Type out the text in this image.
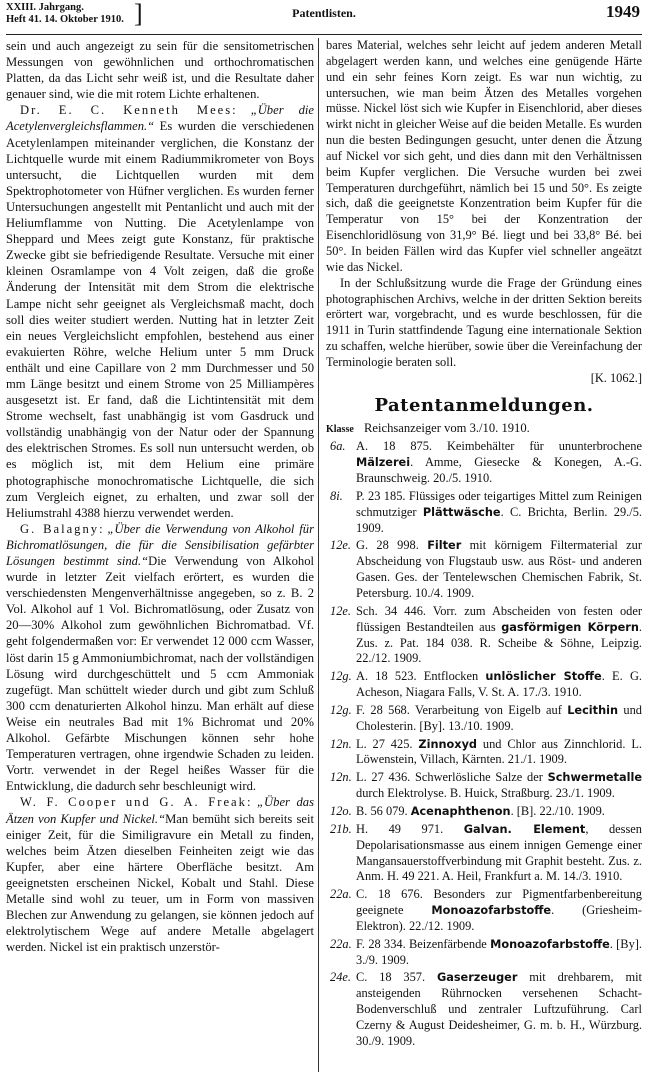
XXIII. Jahrgang.
Heft 41. 14. Oktober 1910. ]	Patentlisten.	1949

sein und auch angezeigt zu sein für die sensitometrischen Messungen von gewöhnlichen und orthochromatischen Platten, da das Licht sehr weiß ist, und die Resultate daher genauer sind, wie die mit rotem Lichte erhaltenen.

Dr. E. C. Kenneth Mees: „Über die Acetylenvergleichsflammen.“ Es wurden die verschiedenen Acetylenlampen miteinander verglichen, die Konstanz der Lichtquelle wurde mit einem Radiummikrometer von Boys untersucht, die Lichtquellen wurden mit dem Spektrophotometer von Hüfner verglichen. Es wurden ferner Untersuchungen angestellt mit Pentanlicht und auch mit der Heliumflamme von Nutting. Die Acetylenlampe von Sheppard und Mees zeigt gute Konstanz, für praktische Zwecke gibt sie befriedigende Resultate. Versuche mit einer kleinen Osramlampe von 4 Volt zeigen, daß die große Änderung der Intensität mit dem Strom die elektrische Lampe nicht sehr geeignet als Vergleichsmaß macht, doch soll dies weiter studiert werden. Nutting hat in letzter Zeit ein neues Vergleichslicht empfohlen, bestehend aus einer evakuierten Röhre, welche Helium unter 5 mm Druck enthält und eine Capillare von 2 mm Durchmesser und 50 mm Länge besitzt und einem Strome von 25 Milliampères ausgesetzt ist. Er fand, daß die Lichtintensität mit dem Strome wechselt, fast unabhängig ist vom Gasdruck und vollständig unabhängig von der Natur oder der Spannung des elektrischen Stromes. Es soll nun untersucht werden, ob es möglich ist, mit dem Helium eine primäre photographische monochromatische Lichtquelle, die sich zum Vergleich eignet, zu erhalten, und zwar soll der Heliumstrahl 4388 hierzu verwendet werden.

G. Balagny: „Über die Verwendung von Alkohol für Bichromatlösungen, die für die Sensibilisation gefärbter Lösungen bestimmt sind.“Die Verwendung von Alkohol wurde in letzter Zeit vielfach erörtert, es wurden die verschiedensten Mengenverhältnisse angegeben, so z. B. 2 Vol. Alkohol auf 1 Vol. Bichromatlösung, oder Zusatz von 20—30% Alkohol zum gewöhnlichen Bichromatbad. Vf. geht folgendermaßen vor: Er verwendet 12 000 ccm Wasser, löst darin 15 g Ammoniumbichromat, nach der vollständigen Lösung wird durchgeschüttelt und 5 ccm Ammoniak zugefügt. Man schüttelt wieder durch und gibt zum Schluß 300 ccm denaturierten Alkohol hinzu. Man erhält auf diese Weise ein neutrales Bad mit 1% Bichromat und 20% Alkohol. Gefärbte Mischungen können sehr hohe Temperaturen vertragen, ohne irgendwie Schaden zu leiden. Vortr. verwendet in der Regel heißes Wasser für die Entwicklung, die dadurch sehr beschleunigt wird.

W. F. Cooper und G. A. Freak: „Über das Ätzen von Kupfer und Nickel.“Man bemüht sich bereits seit einiger Zeit, für die Similigravure ein Metall zu finden, welches beim Ätzen dieselben Feinheiten zeigt wie das Kupfer, aber eine härtere Oberfläche besitzt. Am geeignetsten erscheinen Nickel, Kobalt und Stahl. Diese Metalle sind wohl zu teuer, um in Form von massiven Blechen zur Anwendung zu gelangen, sie können jedoch auf elektrolytischem Wege auf andere Metalle abgelagert werden. Nickel ist ein praktisch unzerstör-

bares Material, welches sehr leicht auf jedem anderen Metall abgelagert werden kann, und welches eine genügende Härte und ein sehr feines Korn zeigt. Es war nun wichtig, zu untersuchen, wie man beim Ätzen des Metalles vorgehen müsse. Nickel löst sich wie Kupfer in Eisenchlorid, aber dieses wirkt nicht in gleicher Weise auf die beiden Metalle. Es wurden nun die besten Bedingungen gesucht, unter denen die Ätzung auf Nickel vor sich geht, und dies dann mit den Verhältnissen beim Kupfer verglichen. Die Versuche wurden bei zwei Temperaturen durchgeführt, nämlich bei 15 und 50°. Es zeigte sich, daß die geeignetste Konzentration beim Kupfer für die Temperatur von 15° bei der Konzentration der Eisenchloridlösung von 31,9° Bé. liegt und bei 33,8° Bé. bei 50°. In beiden Fällen wird das Kupfer viel schneller angeätzt wie das Nickel.

In der Schlußsitzung wurde die Frage der Gründung eines photographischen Archivs, welche in der dritten Sektion bereits erörtert war, vorgebracht, und es wurde beschlossen, für die 1911 in Turin stattfindende Tagung eine internationale Sektion zu schaffen, welche hierüber, sowie über die Vereinfachung der Terminologie beraten soll.

[K. 1062.]

Patentanmeldungen.
Klasse Reichsanzeiger vom 3./10. 1910.
6a. A. 18 875. Keimbehälter für ununterbrochene Mälzerei. Amme, Giesecke & Konegen, A.-G. Braunschweig. 20./5. 1910.
8i.	P. 23 185. Flüssiges oder teigartiges Mittel zum Reinigen schmutziger Plättwäsche. C. Brichta, Berlin. 29./5. 1909.
12e. G. 28 998. Filter mit körnigem Filtermaterial zur Abscheidung von Flugstaub usw. aus Röst- und anderen Gasen. Ges. der Tentelewschen Chemischen Fabrik, St. Petersburg. 10./4. 1909.
12e. Sch. 34 446. Vorr. zum Abscheiden von festen oder flüssigen Bestandteilen aus gasförmigen Körpern. Zus. z. Pat. 184 038. R. Scheibe & Söhne, Leipzig. 22./12. 1909.
12g. A. 18 523. Entflocken unlöslicher Stoffe. E. G. Acheson, Niagara Falls, V. St. A. 17./3. 1910.
12g. F. 28 568. Verarbeitung von Eigelb auf Lecithin und Cholesterin. [By]. 13./10. 1909.
12n. L. 27 425. Zinnoxyd und Chlor aus Zinnchlorid. L. Löwenstein, Villach, Kärnten. 21./1. 1909.
12n. L. 27 436. Schwerlösliche Salze der Schwermetalle durch Elektrolyse. B. Huick, Straßburg. 23./1. 1909.
12o. B. 56 079. Acenaphthenon. [B]. 22./10. 1909.
21b. H. 49 971. Galvan. Element, dessen Depolarisationsmasse aus einem innigen Gemenge einer Mangansauerstoffverbindung mit Graphit besteht. Zus. z. Anm. H. 49 221. A. Heil, Frankfurt a. M. 14./3. 1910.
22a. C. 18 676. Besonders zur Pigmentfarbenbereitung geeignete Monoazofarbstoffe. (Griesheim-Elektron). 22./12. 1909.
22a. F. 28 334. Beizenfärbende Monoazofarbstoffe. [By]. 3./9. 1909.
24e. C. 18 357. Gaserzeuger mit drehbarem, mit ansteigenden Rührnocken versehenen Schacht-Bodenverschluß und zentraler Luftzuführung. Carl Czerny & August Deidesheimer, G. m. b. H., Würzburg. 30./9. 1909.
